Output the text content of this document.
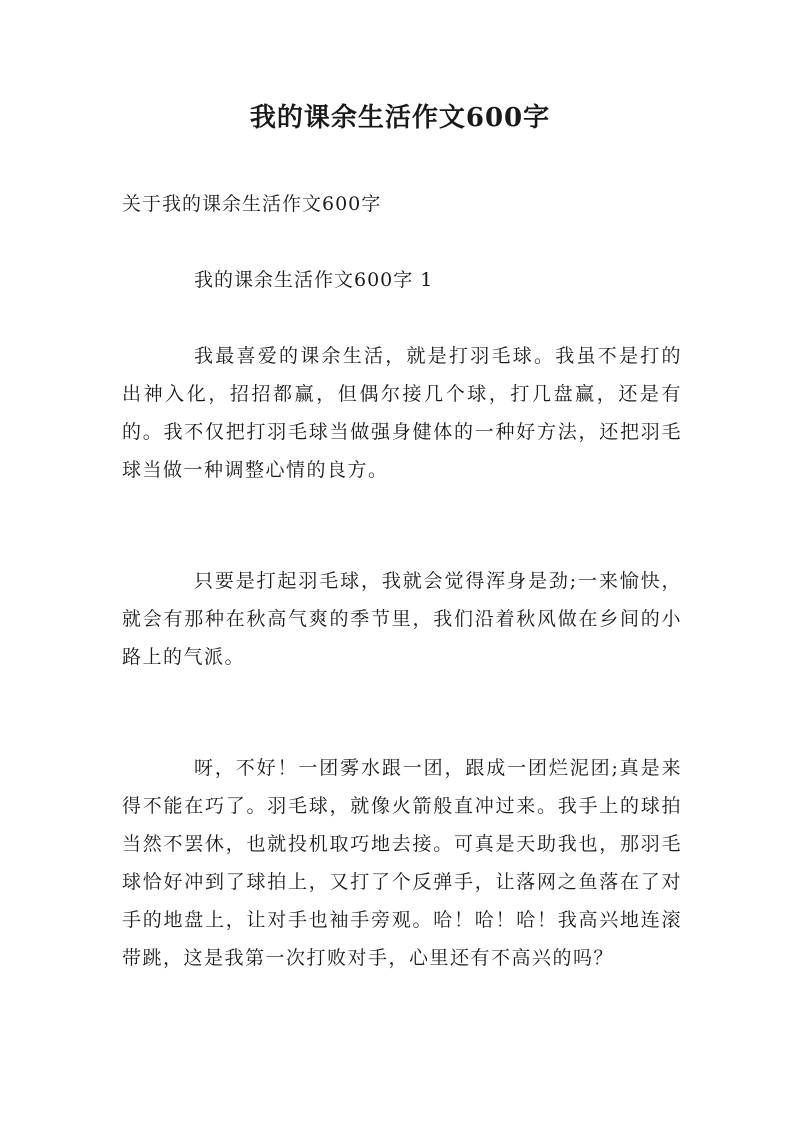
我的课余生活作文600字

关于我的课余生活作文600字

我的课余生活作文600字 1

我最喜爱的课余生活，就是打羽毛球。我虽不是打的出神入化，招招都赢，但偶尔接几个球，打几盘赢，还是有的。我不仅把打羽毛球当做强身健体的一种好方法，还把羽毛球当做一种调整心情的良方。

只要是打起羽毛球，我就会觉得浑身是劲;一来愉快，就会有那种在秋高气爽的季节里，我们沿着秋风做在乡间的小路上的气派。

呀，不好！一团雾水跟一团，跟成一团烂泥团;真是来得不能在巧了。羽毛球，就像火箭般直冲过来。我手上的球拍当然不罢休，也就投机取巧地去接。可真是天助我也，那羽毛球恰好冲到了球拍上，又打了个反弹手，让落网之鱼落在了对手的地盘上，让对手也袖手旁观。哈！哈！哈！我高兴地连滚带跳，这是我第一次打败对手，心里还有不高兴的吗？
